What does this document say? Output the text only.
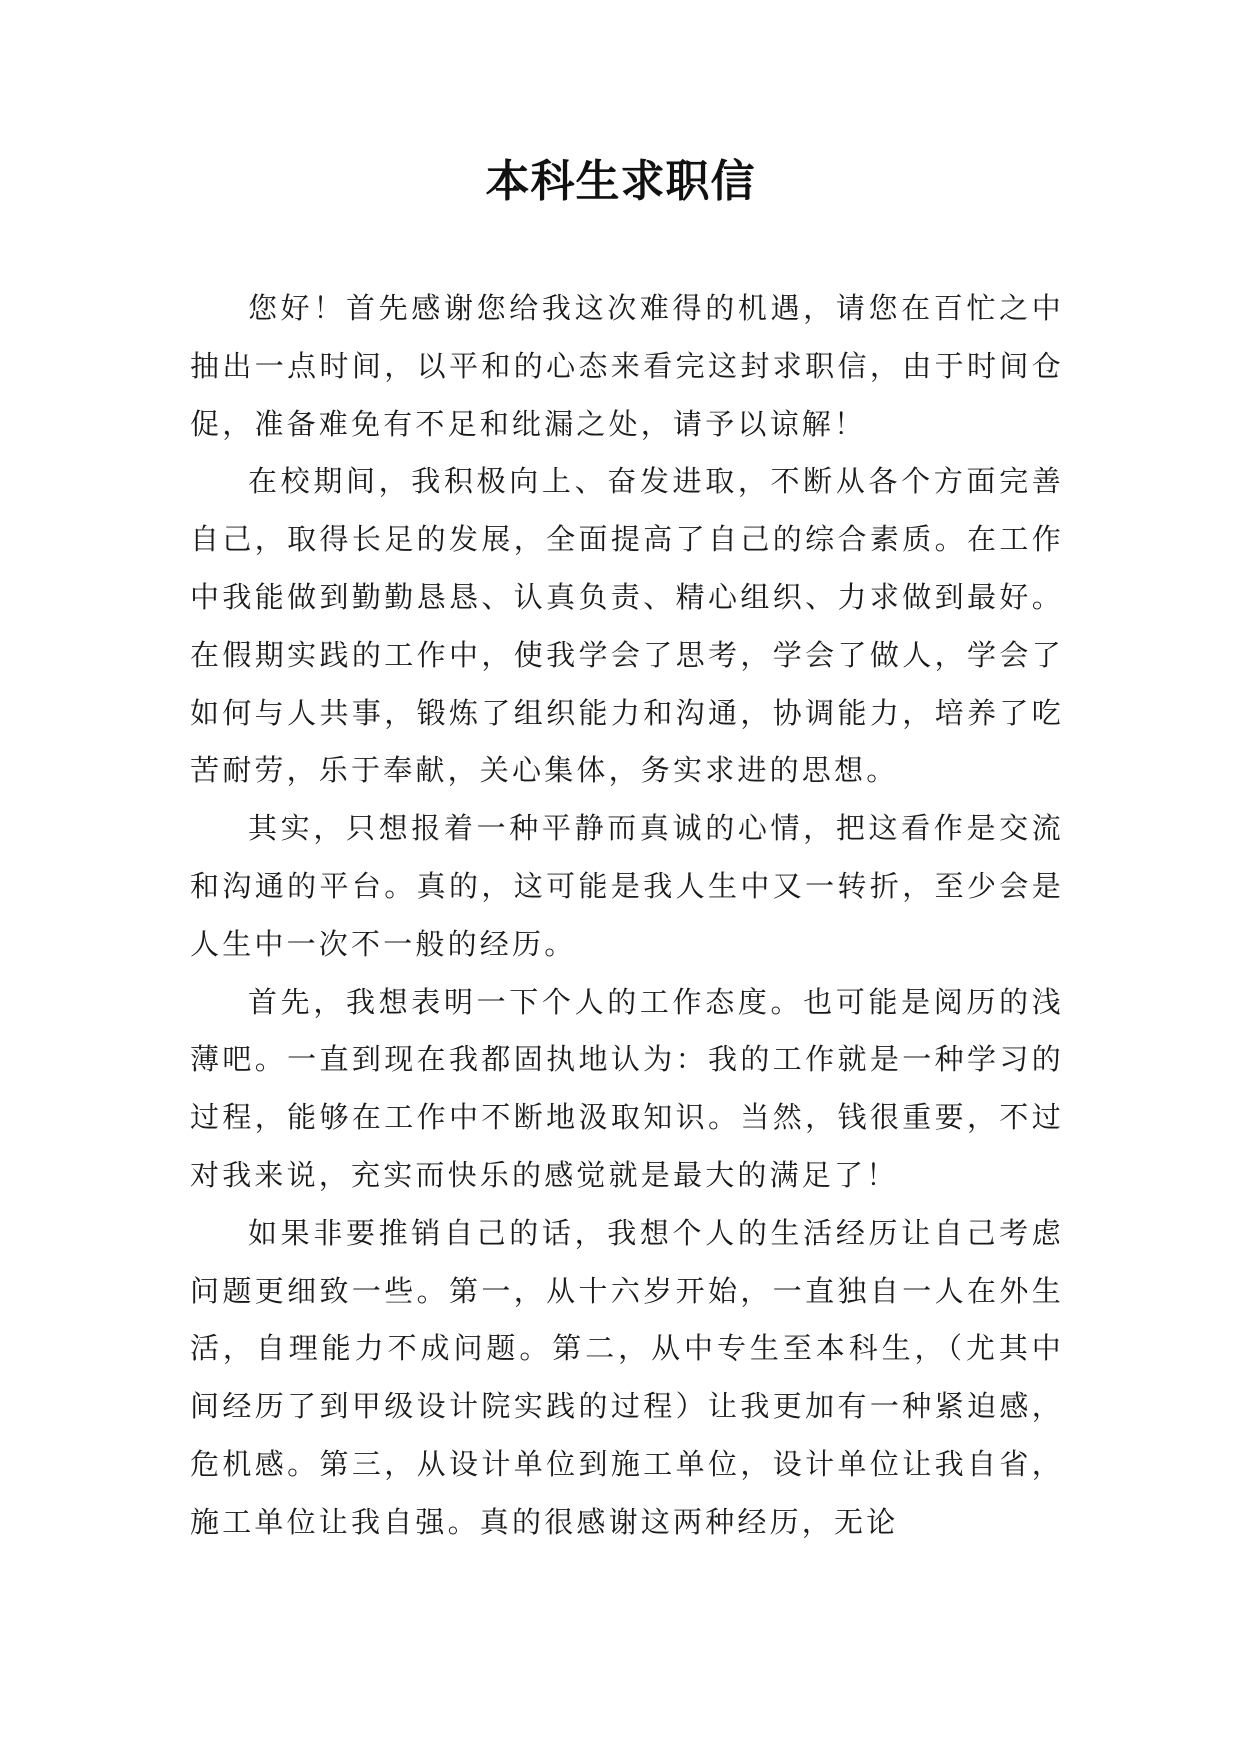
本科生求职信

您好！首先感谢您给我这次难得的机遇，请您在百忙之中抽出一点时间，以平和的心态来看完这封求职信，由于时间仓促，准备难免有不足和纰漏之处，请予以谅解！

在校期间，我积极向上、奋发进取，不断从各个方面完善自己，取得长足的发展，全面提高了自己的综合素质。在工作中我能做到勤勤恳恳、认真负责、精心组织、力求做到最好。在假期实践的工作中，使我学会了思考，学会了做人，学会了如何与人共事，锻炼了组织能力和沟通，协调能力，培养了吃苦耐劳，乐于奉献，关心集体，务实求进的思想。

其实，只想报着一种平静而真诚的心情，把这看作是交流和沟通的平台。真的，这可能是我人生中又一转折，至少会是人生中一次不一般的经历。

首先，我想表明一下个人的工作态度。也可能是阅历的浅薄吧。一直到现在我都固执地认为：我的工作就是一种学习的过程，能够在工作中不断地汲取知识。当然，钱很重要，不过对我来说，充实而快乐的感觉就是最大的满足了！

如果非要推销自己的话，我想个人的生活经历让自己考虑问题更细致一些。第一，从十六岁开始，一直独自一人在外生活，自理能力不成问题。第二，从中专生至本科生，（尤其中间经历了到甲级设计院实践的过程）让我更加有一种紧迫感，危机感。第三，从设计单位到施工单位，设计单位让我自省，施工单位让我自强。真的很感谢这两种经历，无论
